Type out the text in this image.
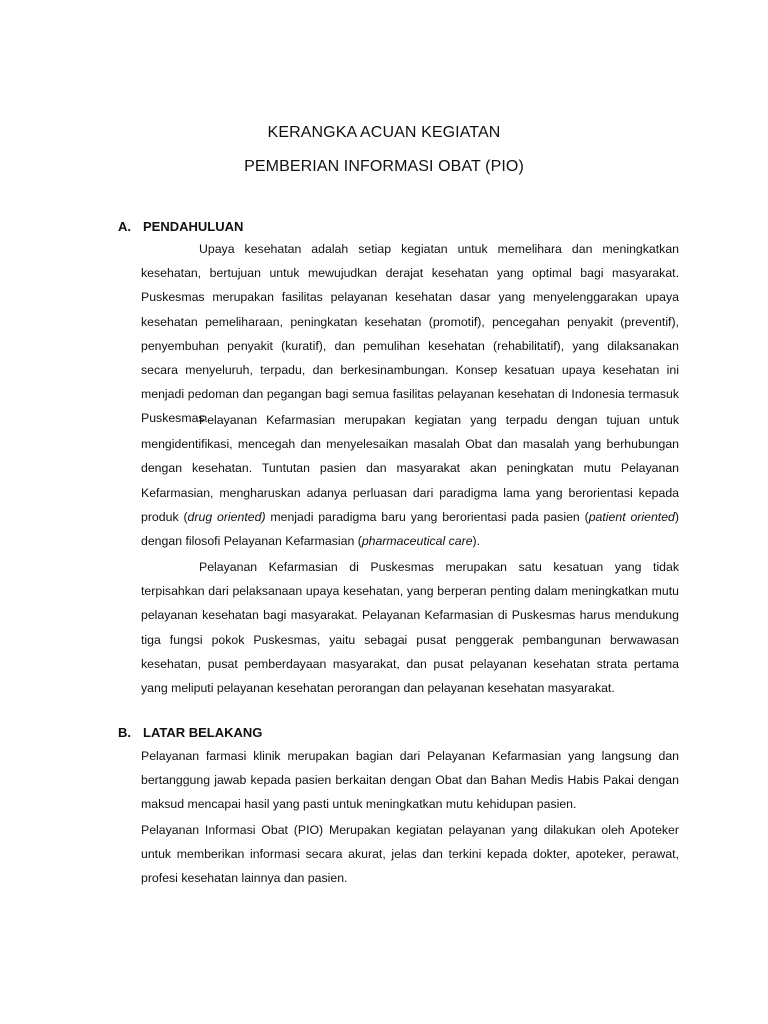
KERANGKA ACUAN KEGIATAN
PEMBERIAN INFORMASI OBAT (PIO)
A. PENDAHULUAN

Upaya kesehatan adalah setiap kegiatan untuk memelihara dan meningkatkan kesehatan, bertujuan untuk mewujudkan derajat kesehatan yang optimal bagi masyarakat. Puskesmas merupakan fasilitas pelayanan kesehatan dasar yang menyelenggarakan upaya kesehatan pemeliharaan, peningkatan kesehatan (promotif), pencegahan penyakit (preventif), penyembuhan penyakit (kuratif), dan pemulihan kesehatan (rehabilitatif), yang dilaksanakan secara menyeluruh, terpadu, dan berkesinambungan. Konsep kesatuan upaya kesehatan ini menjadi pedoman dan pegangan bagi semua fasilitas pelayanan kesehatan di Indonesia termasuk Puskesmas.

Pelayanan Kefarmasian merupakan kegiatan yang terpadu dengan tujuan untuk mengidentifikasi, mencegah dan menyelesaikan masalah Obat dan masalah yang berhubungan dengan kesehatan. Tuntutan pasien dan masyarakat akan peningkatan mutu Pelayanan Kefarmasian, mengharuskan adanya perluasan dari paradigma lama yang berorientasi kepada produk (drug oriented) menjadi paradigma baru yang berorientasi pada pasien (patient oriented) dengan filosofi Pelayanan Kefarmasian (pharmaceutical care).

Pelayanan Kefarmasian di Puskesmas merupakan satu kesatuan yang tidak terpisahkan dari pelaksanaan upaya kesehatan, yang berperan penting dalam meningkatkan mutu pelayanan kesehatan bagi masyarakat. Pelayanan Kefarmasian di Puskesmas harus mendukung tiga fungsi pokok Puskesmas, yaitu sebagai pusat penggerak pembangunan berwawasan kesehatan, pusat pemberdayaan masyarakat, dan pusat pelayanan kesehatan strata pertama yang meliputi pelayanan kesehatan perorangan dan pelayanan kesehatan masyarakat.

B. LATAR BELAKANG

Pelayanan farmasi klinik merupakan bagian dari Pelayanan Kefarmasian yang langsung dan bertanggung jawab kepada pasien berkaitan dengan Obat dan Bahan Medis Habis Pakai dengan maksud mencapai hasil yang pasti untuk meningkatkan mutu kehidupan pasien.

Pelayanan Informasi Obat (PIO) Merupakan kegiatan pelayanan yang dilakukan oleh Apoteker untuk memberikan informasi secara akurat, jelas dan terkini kepada dokter, apoteker, perawat, profesi kesehatan lainnya dan pasien.
